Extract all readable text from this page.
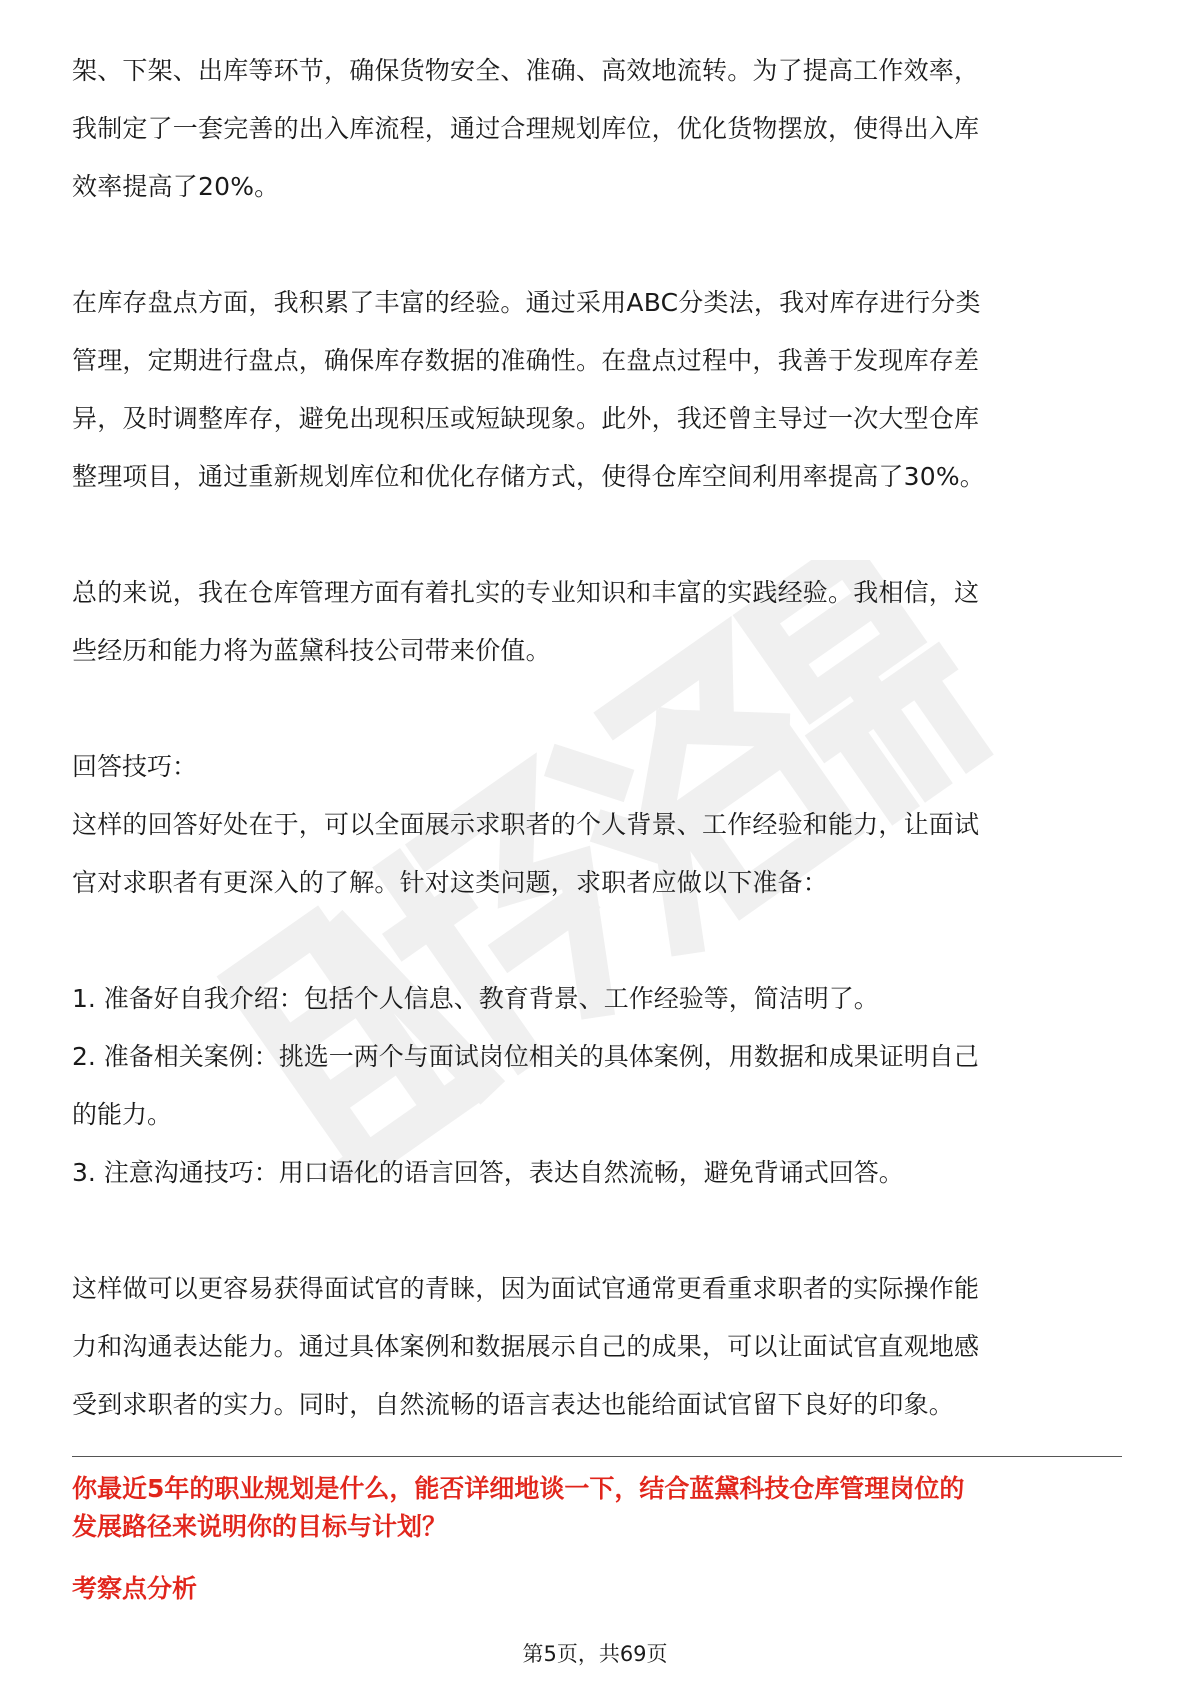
架、下架、出库等环节，确保货物安全、准确、高效地流转。为了提高工作效率，

我制定了一套完善的出入库流程，通过合理规划库位，优化货物摆放，使得出入库

效率提高了20%。

在库存盘点方面，我积累了丰富的经验。通过采用ABC分类法，我对库存进行分类

管理，定期进行盘点，确保库存数据的准确性。在盘点过程中，我善于发现库存差

异，及时调整库存，避免出现积压或短缺现象。此外，我还曾主导过一次大型仓库

整理项目，通过重新规划库位和优化存储方式，使得仓库空间利用率提高了30%。

总的来说，我在仓库管理方面有着扎实的专业知识和丰富的实践经验。我相信，这

些经历和能力将为蓝黛科技公司带来价值。

回答技巧：

这样的回答好处在于，可以全面展示求职者的个人背景、工作经验和能力，让面试

官对求职者有更深入的了解。针对这类问题，求职者应做以下准备：

1. 准备好自我介绍：包括个人信息、教育背景、工作经验等，简洁明了。

2. 准备相关案例：挑选一两个与面试岗位相关的具体案例，用数据和成果证明自己

的能力。

3. 注意沟通技巧：用口语化的语言回答，表达自然流畅，避免背诵式回答。

这样做可以更容易获得面试官的青睐，因为面试官通常更看重求职者的实际操作能

力和沟通表达能力。通过具体案例和数据展示自己的成果，可以让面试官直观地感

受到求职者的实力。同时，自然流畅的语言表达也能给面试官留下良好的印象。

你最近5年的职业规划是什么，能否详细地谈一下，结合蓝黛科技仓库管理岗位的
发展路径来说明你的目标与计划？
考察点分析
第5页，共69页
